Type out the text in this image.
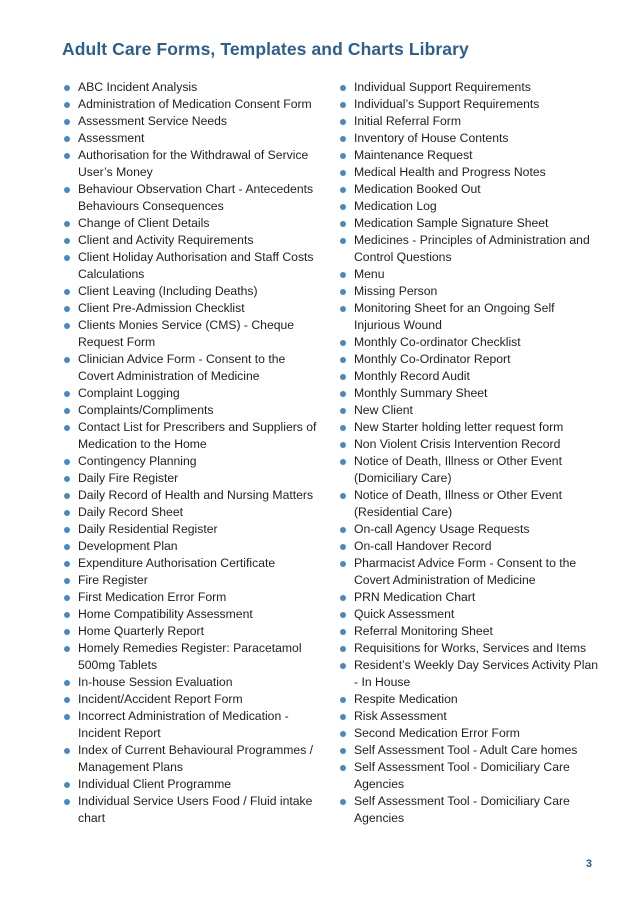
Adult Care Forms, Templates and Charts Library
ABC Incident Analysis
Administration of Medication Consent Form
Assessment Service Needs
Assessment
Authorisation for the Withdrawal of Service User’s Money
Behaviour Observation Chart - Antecedents Behaviours Consequences
Change of Client Details
Client and Activity Requirements
Client Holiday Authorisation and Staff Costs Calculations
Client Leaving (Including Deaths)
Client Pre-Admission Checklist
Clients Monies Service (CMS) - Cheque Request Form
Clinician Advice Form - Consent to the Covert Administration of Medicine
Complaint Logging
Complaints/Compliments
Contact List for Prescribers and Suppliers of Medication to the Home
Contingency Planning
Daily Fire Register
Daily Record of Health and Nursing Matters
Daily Record Sheet
Daily Residential Register
Development Plan
Expenditure Authorisation Certificate
Fire Register
First Medication Error Form
Home Compatibility Assessment
Home Quarterly Report
Homely Remedies Register: Paracetamol 500mg Tablets
In-house Session Evaluation
Incident/Accident Report Form
Incorrect Administration of Medication - Incident Report
Index of Current Behavioural Programmes / Management Plans
Individual Client Programme
Individual Service Users Food / Fluid intake chart
Individual Support Requirements
Individual’s Support Requirements
Initial Referral Form
Inventory of House Contents
Maintenance Request
Medical Health and Progress Notes
Medication Booked Out
Medication Log
Medication Sample Signature Sheet
Medicines - Principles of Administration and Control Questions
Menu
Missing Person
Monitoring Sheet for an Ongoing Self Injurious Wound
Monthly Co-ordinator Checklist
Monthly Co-Ordinator Report
Monthly Record Audit
Monthly Summary Sheet
New Client
New Starter holding letter request form
Non Violent Crisis Intervention Record
Notice of Death, Illness or Other Event (Domiciliary Care)
Notice of Death, Illness or Other Event (Residential Care)
On-call Agency Usage Requests
On-call Handover Record
Pharmacist Advice Form - Consent to the Covert Administration of Medicine
PRN Medication Chart
Quick Assessment
Referral Monitoring Sheet
Requisitions for Works, Services and Items
Resident’s Weekly Day Services Activity Plan - In House
Respite Medication
Risk Assessment
Second Medication Error Form
Self Assessment Tool - Adult Care homes
Self Assessment Tool - Domiciliary Care Agencies
Self Assessment Tool - Domiciliary Care Agencies
3
